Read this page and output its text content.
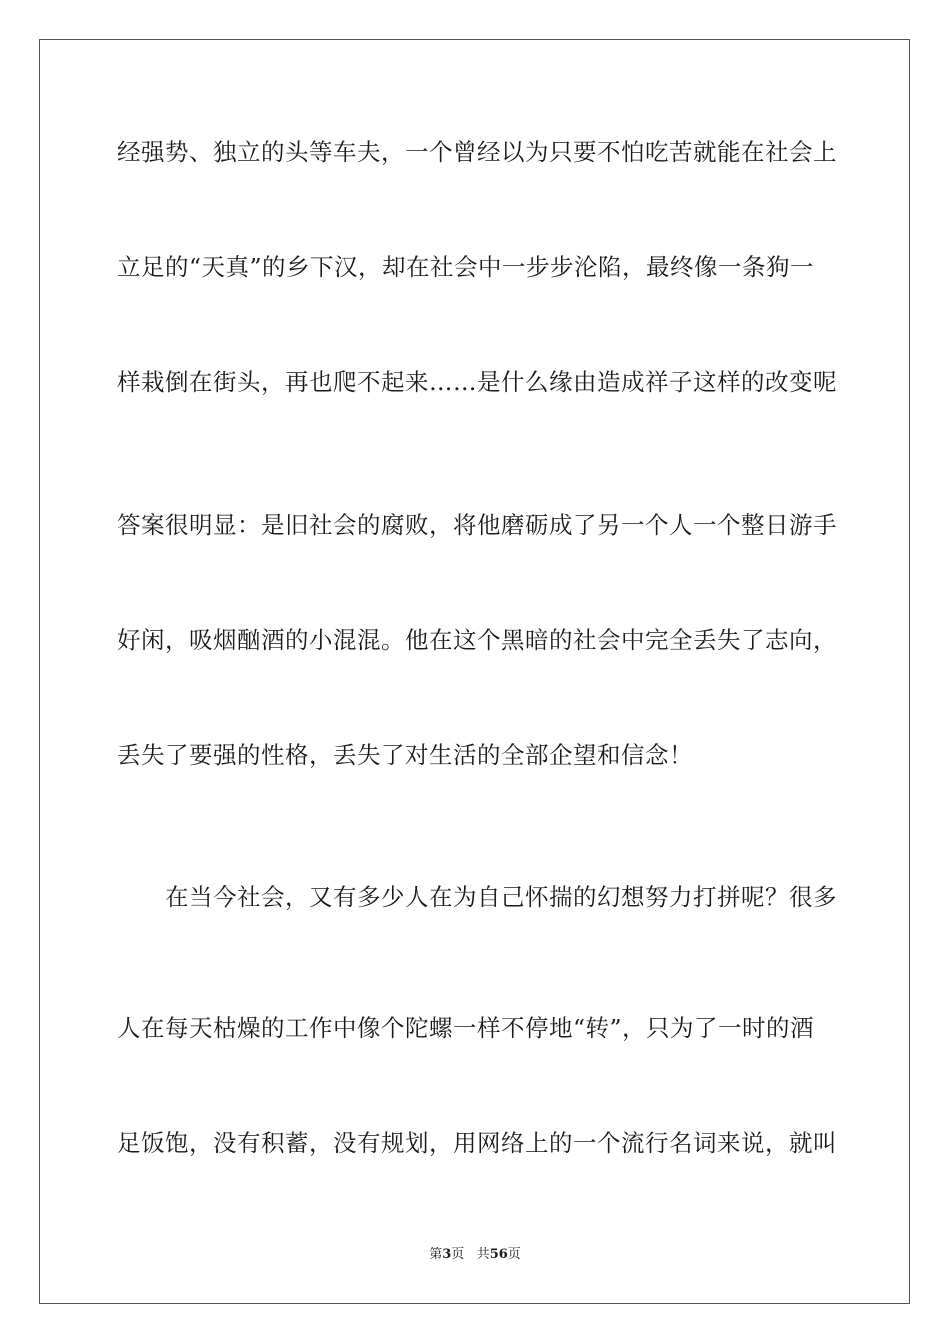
经强势、独立的头等车夫，一个曾经以为只要不怕吃苦就能在社会上
立足的“天真”的乡下汉，却在社会中一步步沦陷，最终像一条狗一
样栽倒在街头，再也爬不起来……是什么缘由造成祥子这样的改变呢
答案很明显：是旧社会的腐败，将他磨砺成了另一个人一个整日游手
好闲，吸烟酗酒的小混混。他在这个黑暗的社会中完全丢失了志向，
丢失了要强的性格，丢失了对生活的全部企望和信念！
　　在当今社会，又有多少人在为自己怀揣的幻想努力打拼呢？很多
人在每天枯燥的工作中像个陀螺一样不停地“转”，只为了一时的酒
足饭饱，没有积蓄，没有规划，用网络上的一个流行名词来说，就叫
第3页 共56页
